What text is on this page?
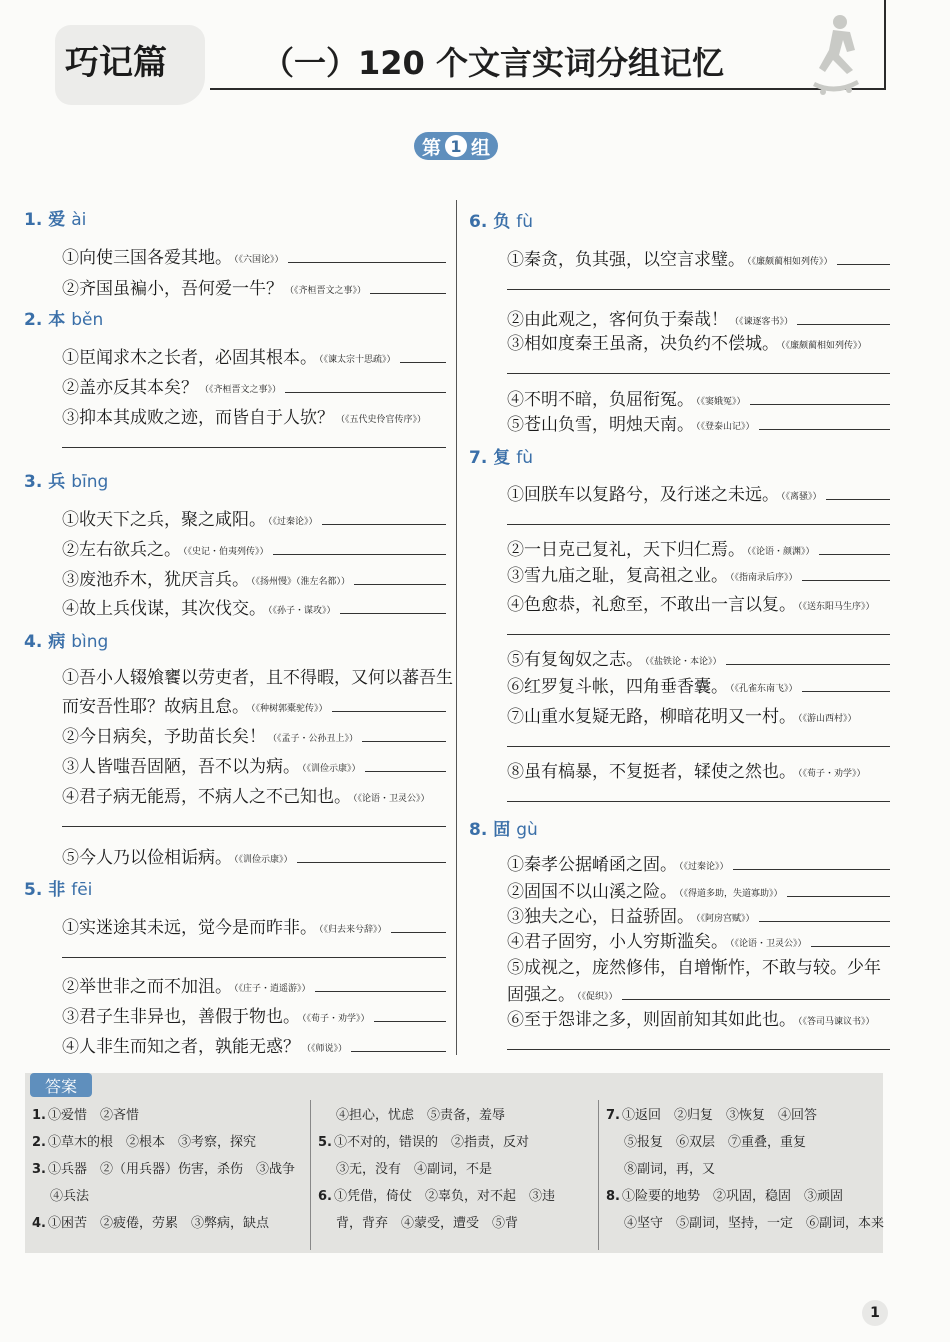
巧记篇	（一）120 个文言实词分组记忆
第 1 组
1. 爱 ài
①向使三国各爱其地。 （《六国论》）
②齐国虽褊小，吾何爱一牛？ （《齐桓晋文之事》）
2. 本 běn
①臣闻求木之长者，必固其根本。 （《谏太宗十思疏》）
②盖亦反其本矣？ （《齐桓晋文之事》）
③抑本其成败之迹，而皆自于人欤？ （《五代史伶官传序》）
3. 兵 bīng
①收天下之兵，聚之咸阳。 （《过秦论》）
②左右欲兵之。 （《史记・伯夷列传》）
③废池乔木，犹厌言兵。 （《扬州慢》（淮左名都））
④故上兵伐谋，其次伐交。 （《孙子・谋攻》）
4. 病 bìng
①吾小人辍飧饔以劳吏者，且不得暇，又何以蕃吾生
而安吾性耶？故病且怠。 （《种树郭橐驼传》）
②今日病矣，予助苗长矣！ （《孟子・公孙丑上》）
③人皆嗤吾固陋，吾不以为病。 （《训俭示康》）
④君子病无能焉，不病人之不己知也。 （《论语・卫灵公》）
⑤今人乃以俭相诟病。 （《训俭示康》）
5. 非 fēi
①实迷途其未远，觉今是而昨非。 （《归去来兮辞》）
②举世非之而不加沮。 （《庄子・逍遥游》）
③君子生非异也，善假于物也。 （《荀子・劝学》）
④人非生而知之者，孰能无惑？ （《师说》）
6. 负 fù
①秦贪，负其强，以空言求璧。 （《廉颇蔺相如列传》）
②由此观之，客何负于秦哉！ （《谏逐客书》）
③相如度秦王虽斋，决负约不偿城。 （《廉颇蔺相如列传》）
④不明不暗，负屈衔冤。 （《窦娥冤》）
⑤苍山负雪，明烛天南。 （《登泰山记》）
7. 复 fù
①回朕车以复路兮，及行迷之未远。 （《离骚》）
②一日克己复礼，天下归仁焉。 （《论语・颜渊》）
③雪九庙之耻，复高祖之业。 （《指南录后序》）
④色愈恭，礼愈至，不敢出一言以复。 （《送东阳马生序》）
⑤有复匈奴之志。 （《盐铁论・本论》）
⑥红罗复斗帐，四角垂香囊。 （《孔雀东南飞》）
⑦山重水复疑无路，柳暗花明又一村。 （《游山西村》）
⑧虽有槁暴，不复挺者，𫐓使之然也。 （《荀子・劝学》）
8. 固 gù
①秦孝公据崤函之固。 （《过秦论》）
②固国不以山溪之险。 （《得道多助，失道寡助》）
③独夫之心，日益骄固。 （《阿房宫赋》）
④君子固穷，小人穷斯滥矣。 （《论语・卫灵公》）
⑤成视之，庞然修伟，自增惭怍，不敢与较。少年
固强之。 （《促织》）
⑥至于怨诽之多，则固前知其如此也。 （《答司马谏议书》）
答案
1. ①爱惜　②吝惜
2. ①草木的根　②根本　③考察，探究
3. ①兵器　②（用兵器）伤害，杀伤　③战争
④兵法
4. ①困苦　②疲倦，劳累　③弊病，缺点
④担心，忧虑　⑤责备，羞辱
5. ①不对的，错误的　②指责，反对
③无，没有　④副词，不是
6. ①凭借，倚仗　②辜负，对不起　③违
背，背弃　④蒙受，遭受　⑤背
7. ①返回　②归复　③恢复　④回答
⑤报复　⑥双层　⑦重叠，重复
⑧副词，再，又
8. ①险要的地势　②巩固，稳固　③顽固
④坚守　⑤副词，坚持，一定　⑥副词，本来
1
